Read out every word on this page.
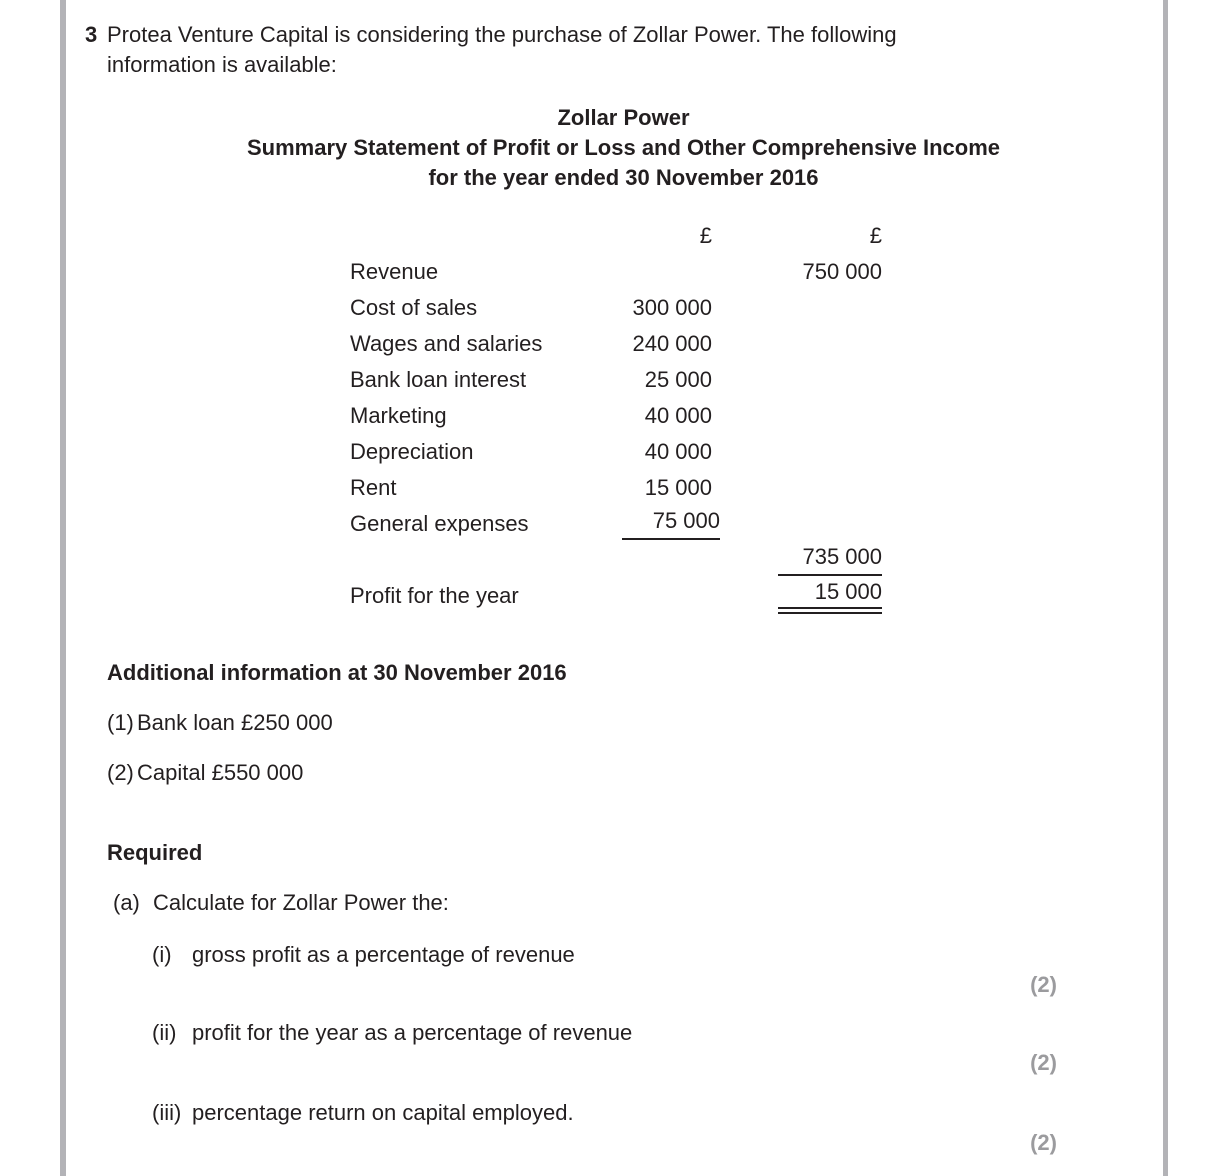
3 Protea Venture Capital is considering the purchase of Zollar Power. The following
information is available:
Zollar Power
Summary Statement of Profit or Loss and Other Comprehensive Income
for the year ended 30 November 2016
	£	£
Revenue		750 000
Cost of sales	300 000	
Wages and salaries	240 000	
Bank loan interest	25 000	
Marketing	40 000	
Depreciation	40 000	
Rent	15 000	
General expenses	75 000	
		735 000
Profit for the year		15 000
Additional information at 30 November 2016
(1) Bank loan £250 000
(2) Capital £550 000
Required
(a) Calculate for Zollar Power the:
(i) gross profit as a percentage of revenue
(2)
(ii) profit for the year as a percentage of revenue
(2)
(iii) percentage return on capital employed.
(2)
